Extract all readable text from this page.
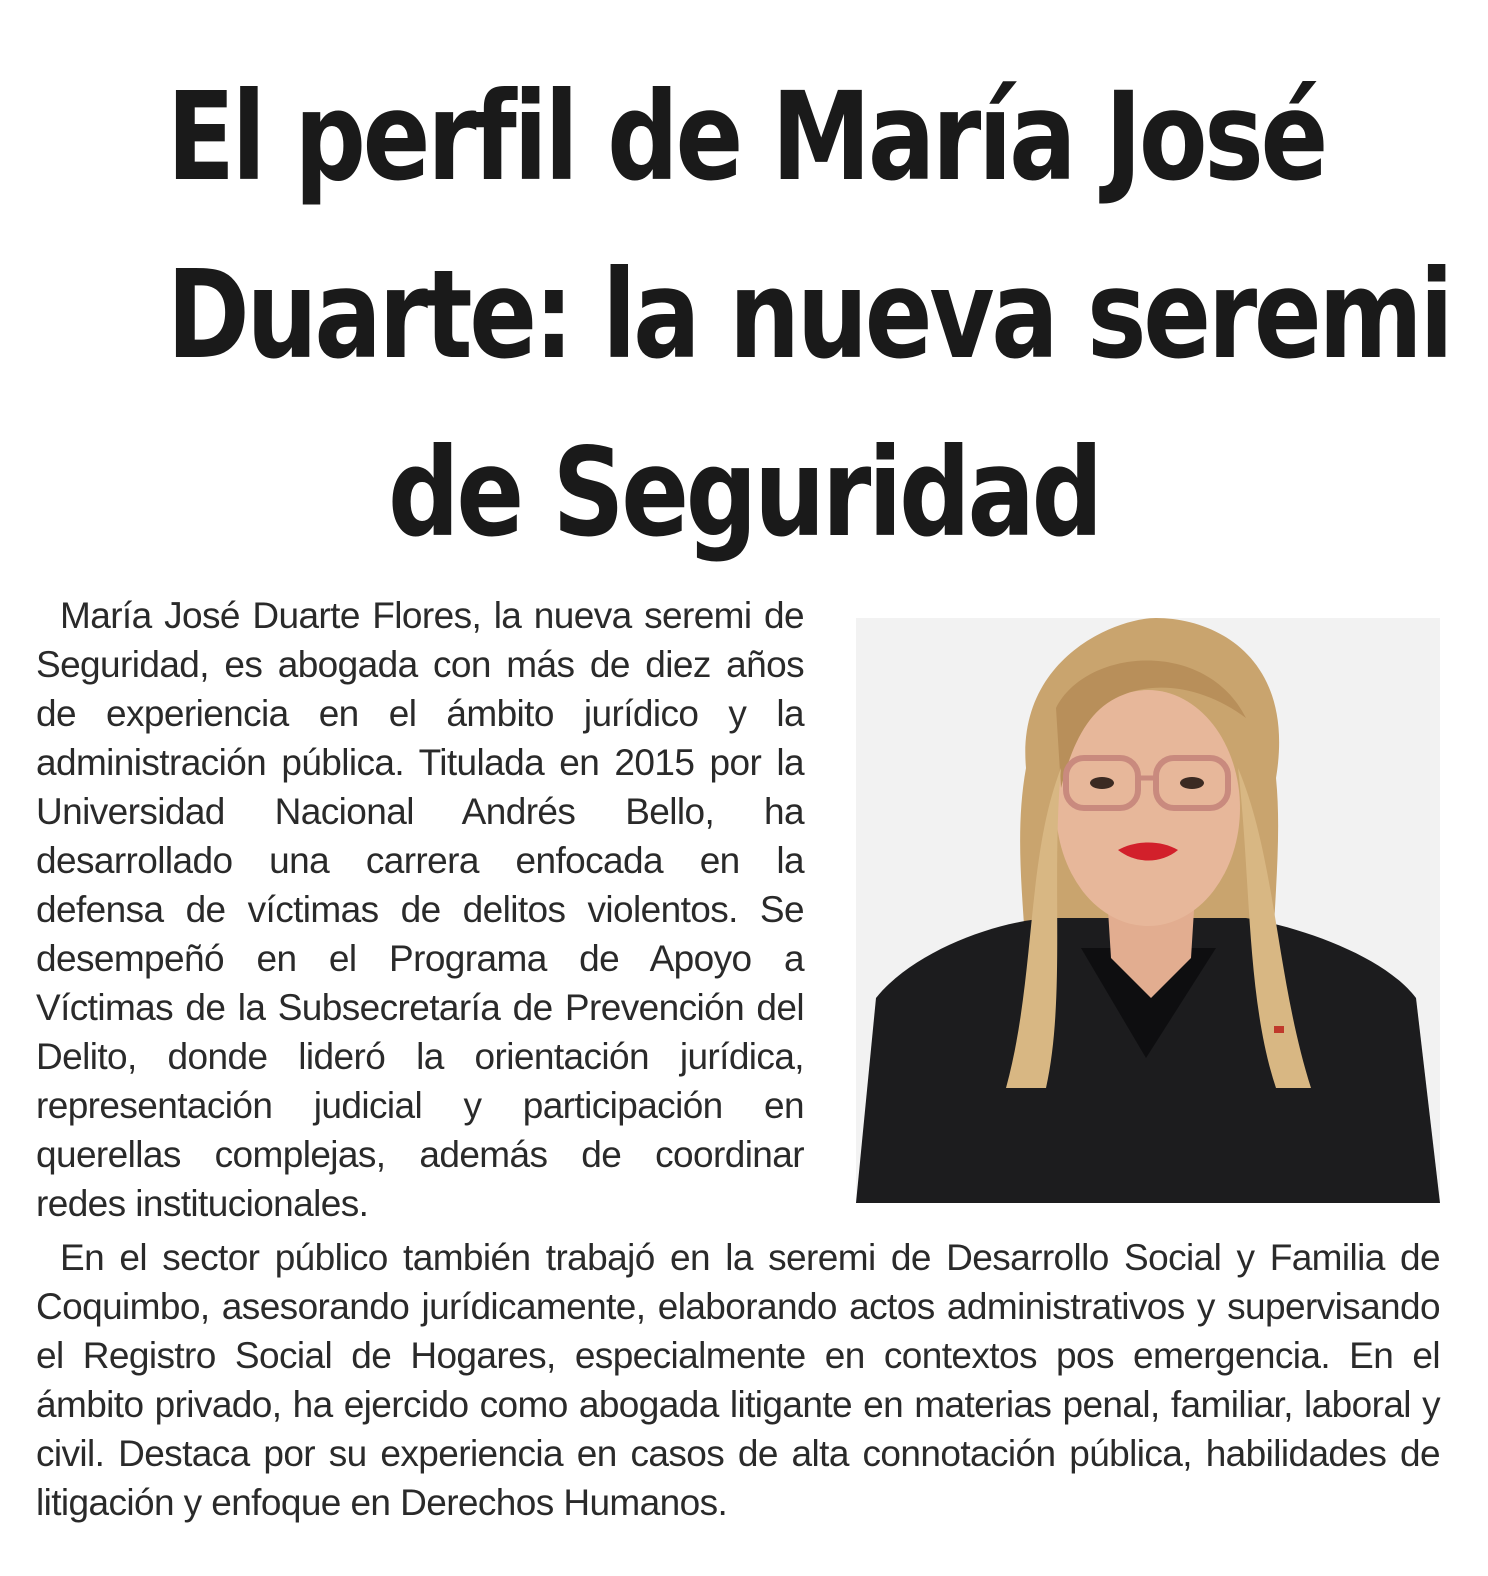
El perfil de María José
Duarte: la nueva seremi
de Seguridad

María José Duarte Flores, la nueva seremi de Seguridad, es abogada con más de diez años de experiencia en el ámbito jurídico y la administración pública. Titulada en 2015 por la Universidad Nacional Andrés Bello, ha desarrollado una carrera enfocada en la defensa de víctimas de delitos violentos. Se desempeñó en el Programa de Apoyo a Víctimas de la Subsecretaría de Prevención del Delito, donde lideró la orientación jurídica, representación judicial y participación en querellas complejas, además de coordinar redes institucionales.

En el sector público también trabajó en la seremi de Desarrollo Social y Familia de Coquimbo, asesorando jurídicamente, elaborando actos administrativos y supervisando el Registro Social de Hogares, especialmente en contextos pos emergencia. En el ámbito privado, ha ejercido como abogada litigante en materias penal, familiar, laboral y civil. Destaca por su experiencia en casos de alta connotación pública, habilidades de litigación y enfoque en Derechos Humanos.
